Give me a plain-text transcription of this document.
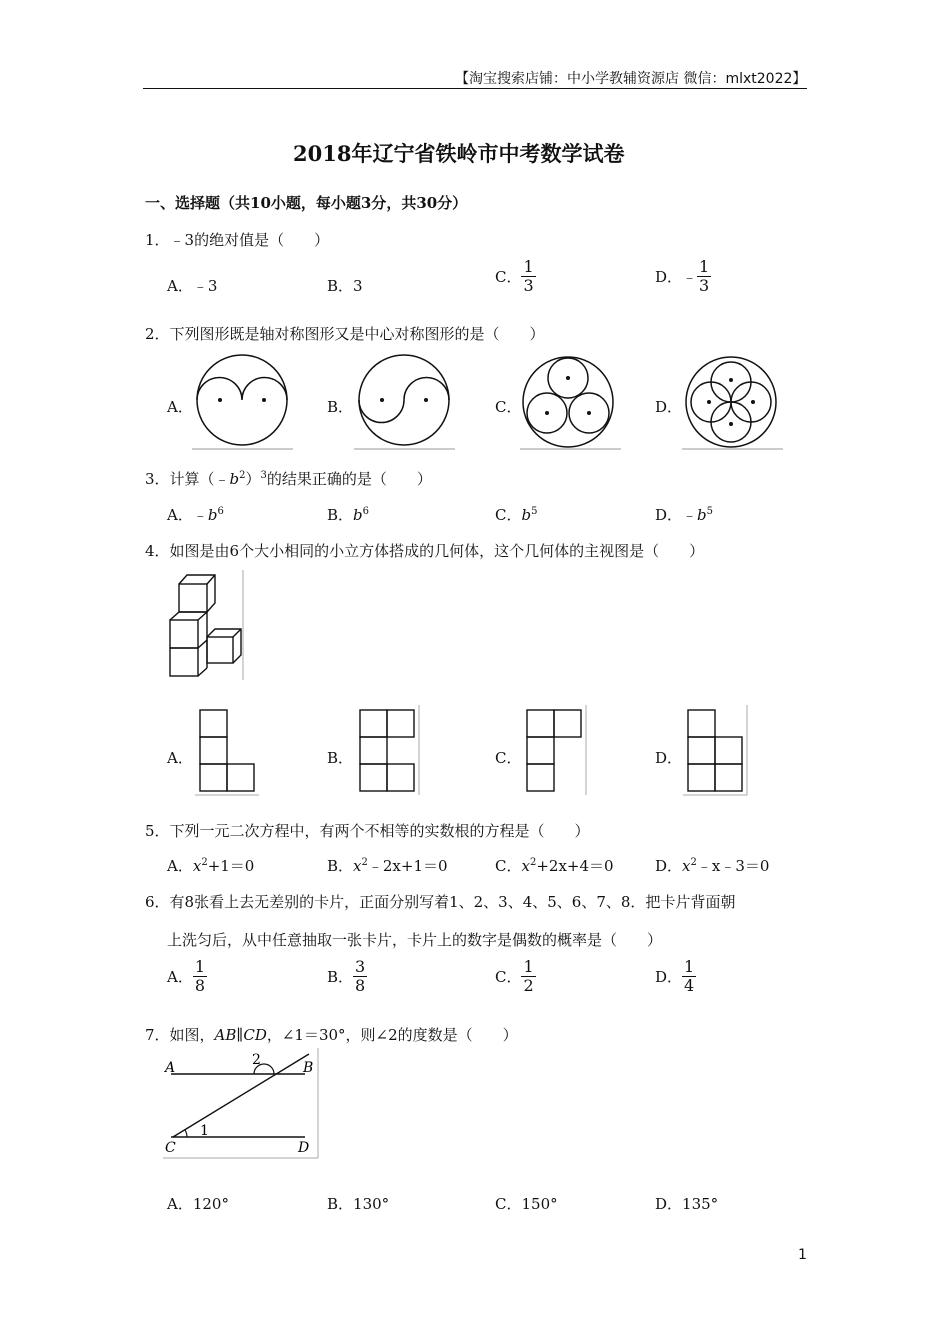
【淘宝搜索店铺：中小学教辅资源店 微信：mlxt2022】
2018年辽宁省铁岭市中考数学试卷
一、选择题（共10小题，每小题3分，共30分）
1．﹣3的绝对值是（　　）
A．﹣3	B．3	C． $\frac{1}{3}$	D． ﹣ $\frac{1}{3}$
2．下列图形既是轴对称图形又是中心对称图形的是（　　）
A．	B．	C．	D．
3．计算$(﹣b^2)^3$的结果正确的是（　　）
A．$﹣b^6$	B．$b^6$	C．$b^5$	D．$﹣b^5$
4．如图是由6个大小相同的小立方体搭成的几何体，这个几何体的主视图是（　　）
A．	B．	C．	D．
5．下列一元二次方程中，有两个不相等的实数根的方程是（　　）
A．$x^2+1=0$	B．$x^2﹣2x+1=0$	C．$x^2+2x+4=0$	D．$x^2﹣x﹣3=0$
6．有8张看上去无差别的卡片，正面分别写着1、2、3、4、5、6、7、8．把卡片背面朝
上洗匀后，从中任意抽取一张卡片，卡片上的数字是偶数的概率是（　　）
A． $\frac{1}{8}$	B． $\frac{3}{8}$	C． $\frac{1}{2}$	D． $\frac{1}{4}$
7．如图，AB∥CD，∠1＝30°，则∠2的度数是（　　）
A	B
C	D
1
2
A．120°	B．130°	C．150°	D．135°
1
